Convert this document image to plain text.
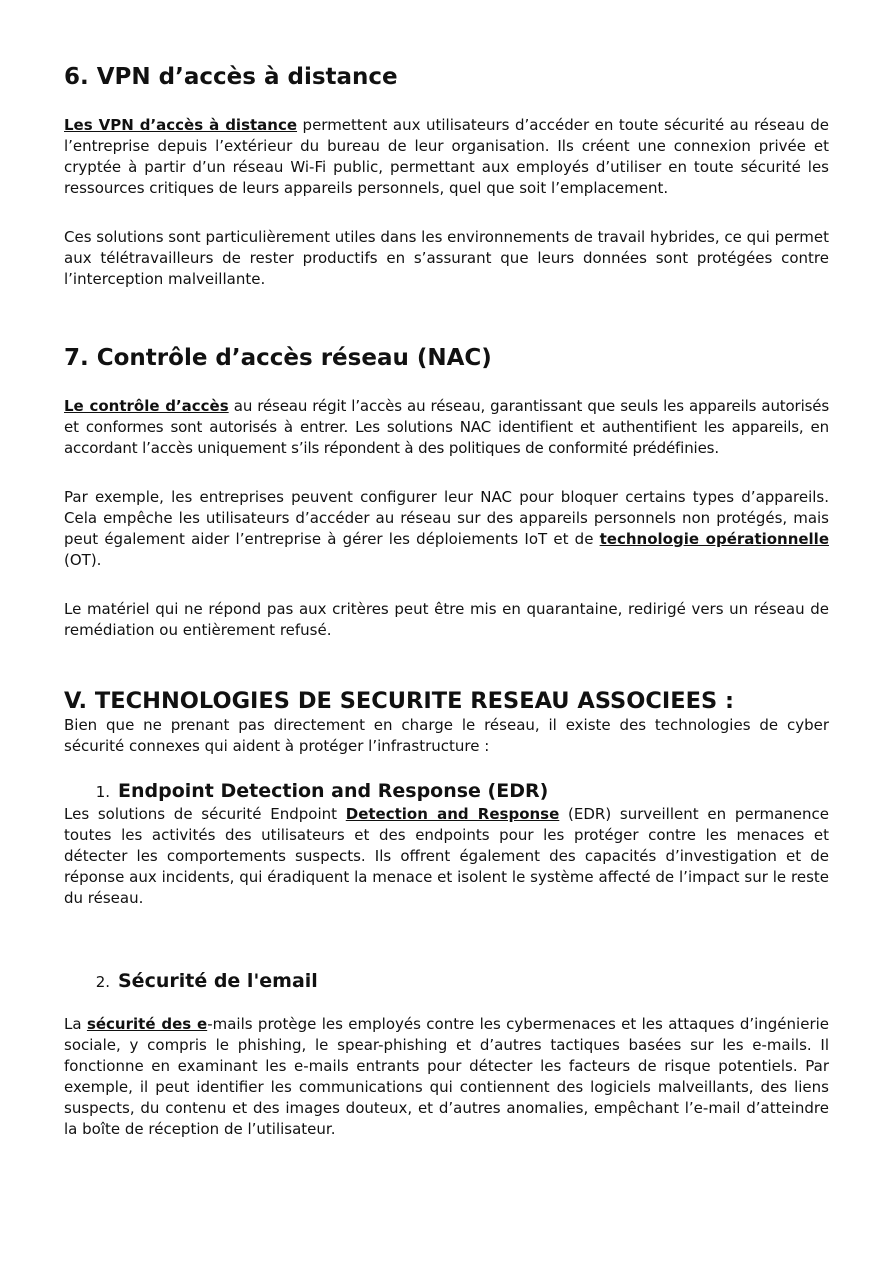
6. VPN d’accès à distance

Les VPN d’accès à distance permettent aux utilisateurs d’accéder en toute sécurité au réseau de l’entreprise depuis l’extérieur du bureau de leur organisation. Ils créent une connexion privée et cryptée à partir d’un réseau Wi-Fi public, permettant aux employés d’utiliser en toute sécurité les ressources critiques de leurs appareils personnels, quel que soit l’emplacement.

Ces solutions sont particulièrement utiles dans les environnements de travail hybrides, ce qui permet aux télétravailleurs de rester productifs en s’assurant que leurs données sont protégées contre l’interception malveillante.

7. Contrôle d’accès réseau (NAC)

Le contrôle d’accès au réseau régit l’accès au réseau, garantissant que seuls les appareils autorisés et conformes sont autorisés à entrer. Les solutions NAC identifient et authentifient les appareils, en accordant l’accès uniquement s’ils répondent à des politiques de conformité prédéfinies.

Par exemple, les entreprises peuvent configurer leur NAC pour bloquer certains types d’appareils. Cela empêche les utilisateurs d’accéder au réseau sur des appareils personnels non protégés, mais peut également aider l’entreprise à gérer les déploiements IoT et de technologie opérationnelle (OT).

Le matériel qui ne répond pas aux critères peut être mis en quarantaine, redirigé vers un réseau de remédiation ou entièrement refusé.

V. TECHNOLOGIES DE SECURITE RESEAU ASSOCIEES :

Bien que ne prenant pas directement en charge le réseau, il existe des technologies de cyber sécurité connexes qui aident à protéger l’infrastructure :

1. Endpoint Detection and Response (EDR)

Les solutions de sécurité Endpoint Detection and Response (EDR) surveillent en permanence toutes les activités des utilisateurs et des endpoints pour les protéger contre les menaces et détecter les comportements suspects. Ils offrent également des capacités d’investigation et de réponse aux incidents, qui éradiquent la menace et isolent le système affecté de l’impact sur le reste du réseau.

2. Sécurité de l'email

La sécurité des e-mails protège les employés contre les cybermenaces et les attaques d’ingénierie sociale, y compris le phishing, le spear-phishing et d’autres tactiques basées sur les e-mails. Il fonctionne en examinant les e-mails entrants pour détecter les facteurs de risque potentiels. Par exemple, il peut identifier les communications qui contiennent des logiciels malveillants, des liens suspects, du contenu et des images douteux, et d’autres anomalies, empêchant l’e-mail d’atteindre la boîte de réception de l’utilisateur.
